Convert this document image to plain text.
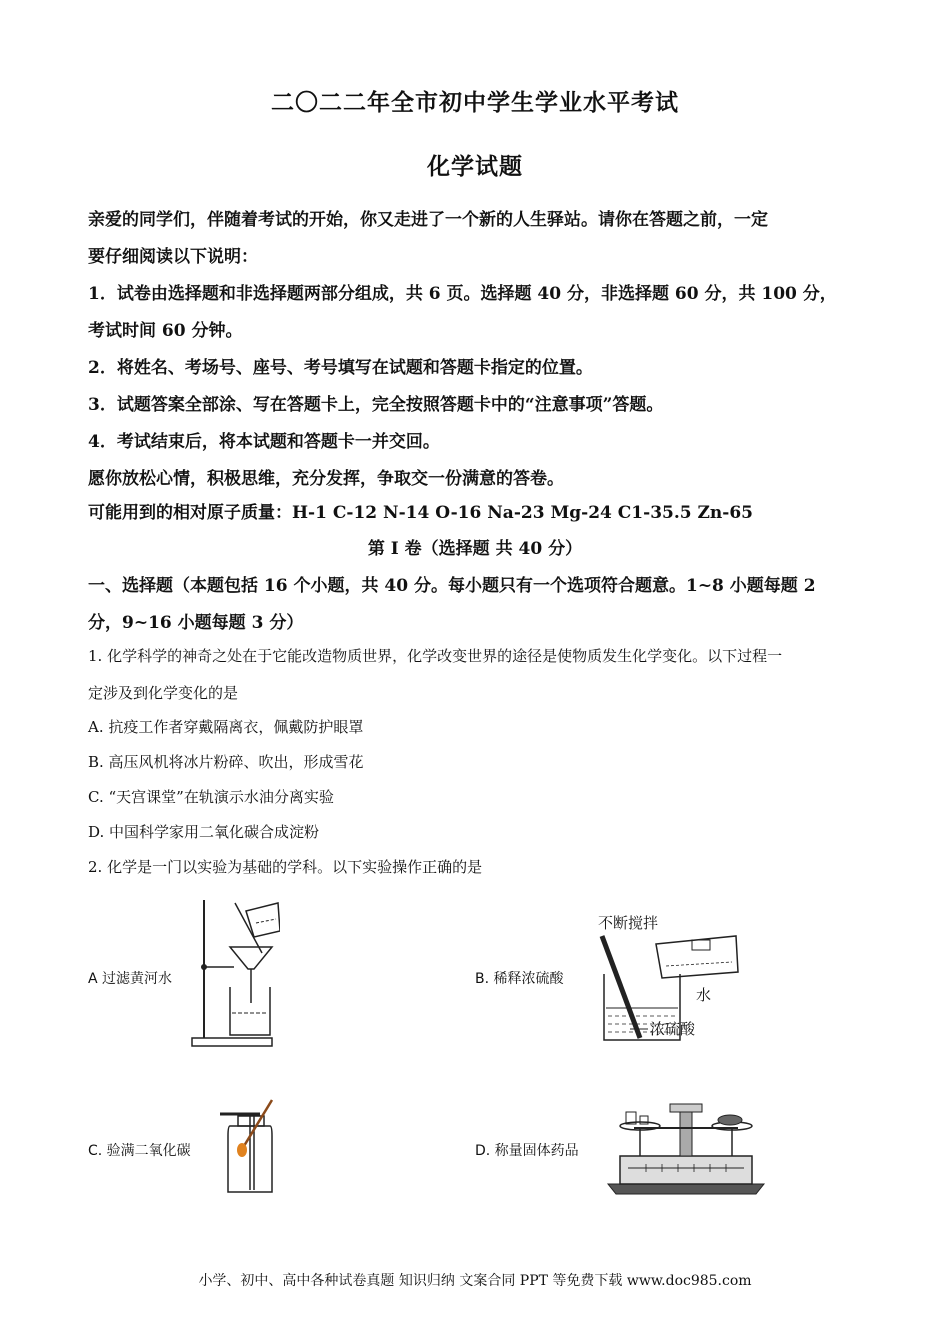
二〇二二年全市初中学生学业水平考试
化学试题
亲爱的同学们，伴随着考试的开始，你又走进了一个新的人生驿站。请你在答题之前，一定
要仔细阅读以下说明：
1．试卷由选择题和非选择题两部分组成，共 6 页。选择题 40 分，非选择题 60 分，共 100 分，
考试时间 60 分钟。
2．将姓名、考场号、座号、考号填写在试题和答题卡指定的位置。
3．试题答案全部涂、写在答题卡上，完全按照答题卡中的“注意事项”答题。
4．考试结束后，将本试题和答题卡一并交回。
愿你放松心情，积极思维，充分发挥，争取交一份满意的答卷。
可能用到的相对原子质量：H-1 C-12 N-14 O-16 Na-23 Mg-24 C1-35.5 Zn-65
第 I 卷（选择题 共 40 分）
一、选择题（本题包括 16 个小题，共 40 分。每小题只有一个选项符合题意。1~8 小题每题 2
分，9~16 小题每题 3 分）
1. 化学科学的神奇之处在于它能改造物质世界，化学改变世界的途径是使物质发生化学变化。以下过程一
定涉及到化学变化的是
A. 抗疫工作者穿戴隔离衣，佩戴防护眼罩
B. 高压风机将冰片粉碎、吹出，形成雪花
C. “天宫课堂”在轨演示水油分离实验
D. 中国科学家用二氧化碳合成淀粉
2. 化学是一门以实验为基础的学科。以下实验操作正确的是
A 过滤黄河水	B. 稀释浓硫酸
不断搅拌
水
浓硫酸
C. 验满二氧化碳	D. 称量固体药品
小学、初中、高中各种试卷真题 知识归纳 文案合同 PPT 等免费下载 www.doc985.com
